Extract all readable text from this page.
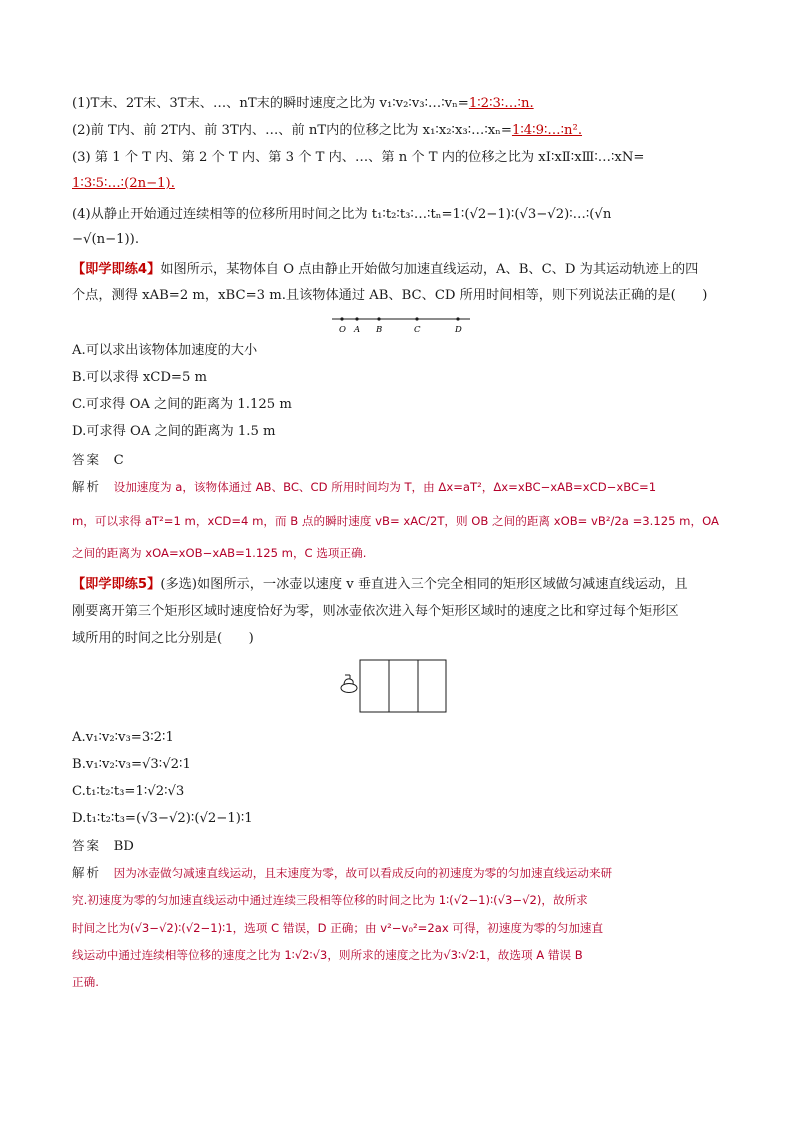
(1)T末、2T末、3T末、…、nT末的瞬时速度之比为 v₁∶v₂∶v₃∶…∶vₙ=1∶2∶3∶…∶n.
(2)前 T内、前 2T内、前 3T内、…、前 nT内的位移之比为 x₁∶x₂∶x₃∶…∶xₙ=1∶4∶9∶…∶n².
(3) 第 1 个 T 内、第 2 个 T 内、第 3 个 T 内、…、第 n 个 T 内的位移之比为 xⅠ∶xⅡ∶xⅢ∶…∶xN=
1∶3∶5∶…∶(2n−1).
(4)从静止开始通过连续相等的位移所用时间之比为 t₁∶t₂∶t₃∶…∶tₙ=1∶(√2−1)∶(√3−√2)∶…∶(√n
−√(n−1)).
【即学即练4】如图所示，某物体自 O 点由静止开始做匀加速直线运动，A、B、C、D 为其运动轨迹上的四
个点，测得 xAB=2 m，xBC=3 m.且该物体通过 AB、BC、CD 所用时间相等，则下列说法正确的是(　　)
O A B	C	D
A.可以求出该物体加速度的大小
B.可以求得 xCD=5 m
C.可求得 OA 之间的距离为 1.125 m
D.可求得 OA 之间的距离为 1.5 m
答案 C
解析 设加速度为 a，该物体通过 AB、BC、CD 所用时间均为 T，由 Δx=aT²，Δx=xBC−xAB=xCD−xBC=1
m，可以求得 aT²=1 m，xCD=4 m，而 B 点的瞬时速度 vB= xAC/2T，则 OB 之间的距离 xOB= vB²/2a =3.125 m，OA
之间的距离为 xOA=xOB−xAB=1.125 m，C 选项正确.
【即学即练5】(多选)如图所示，一冰壶以速度 v 垂直进入三个完全相同的矩形区域做匀减速直线运动，且
刚要离开第三个矩形区域时速度恰好为零，则冰壶依次进入每个矩形区域时的速度之比和穿过每个矩形区
域所用的时间之比分别是(　　)
A.v₁∶v₂∶v₃=3∶2∶1
B.v₁∶v₂∶v₃=√3∶√2∶1
C.t₁∶t₂∶t₃=1∶√2∶√3
D.t₁∶t₂∶t₃=(√3−√2)∶(√2−1)∶1
答案 BD
解析 因为冰壶做匀减速直线运动，且末速度为零，故可以看成反向的初速度为零的匀加速直线运动来研
究.初速度为零的匀加速直线运动中通过连续三段相等位移的时间之比为 1∶(√2−1)∶(√3−√2)，故所求
时间之比为(√3−√2)∶(√2−1)∶1，选项 C 错误，D 正确；由 v²−v₀²=2ax 可得，初速度为零的匀加速直
线运动中通过连续相等位移的速度之比为 1∶√2∶√3，则所求的速度之比为√3∶√2∶1，故选项 A 错误 B
正确.
